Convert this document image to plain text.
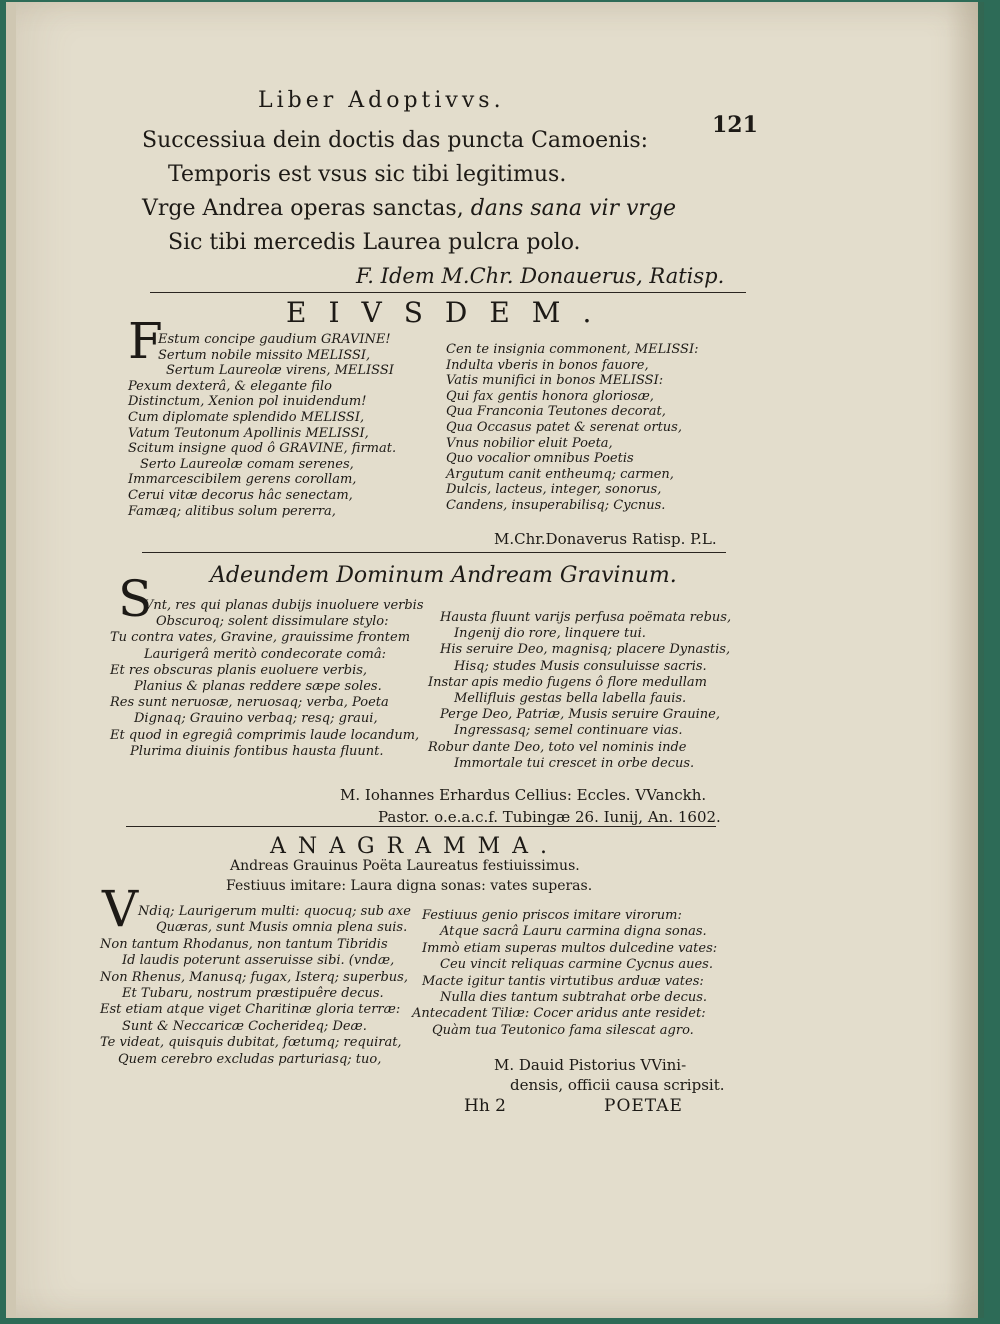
Liber Adoptivvs.
121
Successiua dein doctis das puncta Camoenis:
Temporis est vsus sic tibi legitimus.
Vrge Andrea operas sanctas, dans sana vir vrge
Sic tibi mercedis Laurea pulcra polo.
F. Idem M.Chr. Donauerus, Ratisp.
EIVSDEM.
F
Estum concipe gaudium GRAVINE!
Sertum nobile missito MELISSI,
Sertum Laureolæ virens, MELISSI
Pexum dexterâ, & elegante filo
Distinctum, Xenion pol inuidendum!
Cum diplomate splendido MELISSI,
Vatum Teutonum Apollinis MELISSI,
Scitum insigne quod ô GRAVINE, firmat.
Serto Laureolæ comam serenes,
Immarcescibilem gerens corollam,
Cerui vitæ decorus hâc senectam,
Famæq; alitibus solum pererra,
Cen te insignia commonent, MELISSI:
Indulta vberis in bonos fauore,
Vatis munifici in bonos MELISSI:
Qui fax gentis honora gloriosæ,
Qua Franconia Teutones decorat,
Qua Occasus patet & serenat ortus,
Vnus nobilior eluit Poeta,
Quo vocalior omnibus Poetis
Argutum canit entheumq; carmen,
Dulcis, lacteus, integer, sonorus,
Candens, insuperabilisq; Cycnus.
M.Chr.Donaverus Ratisp. P.L.
Adeundem Dominum Andream Gravinum.
S
Vnt, res qui planas dubijs inuoluere verbis
Obscuroq; solent dissimulare stylo:
Tu contra vates, Gravine, grauissime frontem
Laurigerâ meritò condecorate comâ:
Et res obscuras planis euoluere verbis,
Planius & planas reddere sæpe soles.
Res sunt neruosæ, neruosaq; verba, Poeta
Dignaq; Grauino verbaq; resq; graui,
Et quod in egregiâ comprimis laude locandum,
Plurima diuinis fontibus hausta fluunt.
Hausta fluunt varijs perfusa poëmata rebus,
Ingenij dio rore, linquere tui.
His seruire Deo, magnisq; placere Dynastis,
Hisq; studes Musis consuluisse sacris.
Instar apis medio fugens ô flore medullam
Mellifluis gestas bella labella fauis.
Perge Deo, Patriæ, Musis seruire Grauine,
Ingressasq; semel continuare vias.
Robur dante Deo, toto vel nominis inde
Immortale tui crescet in orbe decus.
M. Iohannes Erhardus Cellius: Eccles. VVanckh.
Pastor. o.e.a.c.f. Tubingæ 26. Iunij, An. 1602.
ANAGRAMMA.
Andreas Grauinus Poëta Laureatus festiuissimus.
Festiuus imitare: Laura digna sonas: vates superas.
V Ndiq; Laurigerum multi: quocuq; sub axe
Quæras, sunt Musis omnia plena suis.
Non tantum Rhodanus, non tantum Tibridis
Id laudis poterunt asseruisse sibi. (vndæ,
Non Rhenus, Manusq; fugax, Isterq; superbus,
Et Tubaru, nostrum præstipuêre decus.
Est etiam atque viget Charitinæ gloria terræ:
Sunt & Neccaricæ Cocherideq; Deæ.
Te videat, quisquis dubitat, fœtumq; requirat,
Quem cerebro excludas parturiasq; tuo,
Festiuus genio priscos imitare virorum:
Atque sacrâ Lauru carmina digna sonas.
Immò etiam superas multos dulcedine vates:
Ceu vincit reliquas carmine Cycnus aues.
Macte igitur tantis virtutibus arduæ vates:
Nulla dies tantum subtrahat orbe decus.
Antecadent Tiliæ: Cocer aridus ante residet:
Quàm tua Teutonico fama silescat agro.
M. Dauid Pistorius VVini-
densis, officii causa scripsit.
Hh 2	POETAE
